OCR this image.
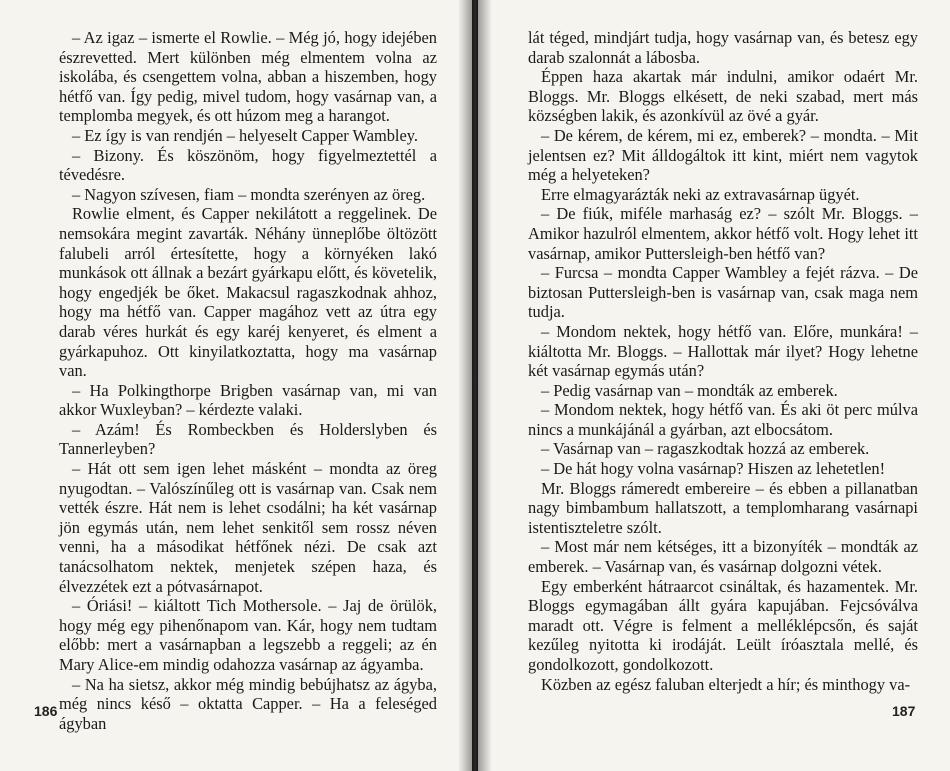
– Az igaz – ismerte el Rowlie. – Még jó, hogy idejében észrevetted. Mert különben még elmentem volna az iskolába, és csengettem volna, abban a hiszemben, hogy hétfő van. Így pedig, mivel tudom, hogy vasárnap van, a templomba megyek, és ott húzom meg a harangot.

– Ez így is van rendjén – helyeselt Capper Wambley.

– Bizony. És köszönöm, hogy figyelmeztettél a tévedésre.

– Nagyon szívesen, fiam – mondta szerényen az öreg.

Rowlie elment, és Capper nekilátott a reggelinek. De nemsokára megint zavarták. Néhány ünneplőbe öltözött falubeli arról értesítette, hogy a környéken lakó munkások ott állnak a bezárt gyárkapu előtt, és követelik, hogy engedjék be őket. Makacsul ragaszkodnak ahhoz, hogy ma hétfő van. Capper magához vett az útra egy darab véres hurkát és egy karéj kenyeret, és elment a gyárkapuhoz. Ott kinyilatkoztatta, hogy ma vasárnap van.

– Ha Polkingthorpe Brigben vasárnap van, mi van akkor Wuxleyban? – kérdezte valaki.

– Azám! És Rombeckben és Holderslyben és Tannerleyben?

– Hát ott sem igen lehet másként – mondta az öreg nyugodtan. – Valószínűleg ott is vasárnap van. Csak nem vették észre. Hát nem is lehet csodálni; ha két vasárnap jön egymás után, nem lehet senkitől sem rossz néven venni, ha a másodikat hétfőnek nézi. De csak azt tanácsolhatom nektek, menjetek szépen haza, és élvezzétek ezt a pótvasárnapot.

– Óriási! – kiáltott Tich Mothersole. – Jaj de örülök, hogy még egy pihenőnapom van. Kár, hogy nem tudtam előbb: mert a vasárnapban a legszebb a reggeli; az én Mary Alice-em mindig odahozza vasárnap az ágyamba.

– Na ha sietsz, akkor még mindig bebújhatsz az ágyba, még nincs késő – oktatta Capper. – Ha a feleséged ágyban

186

lát téged, mindjárt tudja, hogy vasárnap van, és betesz egy darab szalonnát a lábosba.

Éppen haza akartak már indulni, amikor odaért Mr. Bloggs. Mr. Bloggs elkésett, de neki szabad, mert más községben lakik, és azonkívül az övé a gyár.

– De kérem, de kérem, mi ez, emberek? – mondta. – Mit jelentsen ez? Mit álldogáltok itt kint, miért nem vagytok még a helyeteken?

Erre elmagyarázták neki az extravasárnap ügyét.

– De fiúk, miféle marhaság ez? – szólt Mr. Bloggs. – Amikor hazulról elmentem, akkor hétfő volt. Hogy lehet itt vasárnap, amikor Puttersleigh-ben hétfő van?

– Furcsa – mondta Capper Wambley a fejét rázva. – De biztosan Puttersleigh-ben is vasárnap van, csak maga nem tudja.

– Mondom nektek, hogy hétfő van. Előre, munkára! – kiáltotta Mr. Bloggs. – Hallottak már ilyet? Hogy lehetne két vasárnap egymás után?

– Pedig vasárnap van – mondták az emberek.

– Mondom nektek, hogy hétfő van. És aki öt perc múlva nincs a munkájánál a gyárban, azt elbocsátom.

– Vasárnap van – ragaszkodtak hozzá az emberek.

– De hát hogy volna vasárnap? Hiszen az lehetetlen!

Mr. Bloggs rámeredt embereire – és ebben a pillanatban nagy bimbambum hallatszott, a templomharang vasárnapi istentiszteletre szólt.

– Most már nem kétséges, itt a bizonyíték – mondták az emberek. – Vasárnap van, és vasárnap dolgozni vétek.

Egy emberként hátraarcot csináltak, és hazamentek. Mr. Bloggs egymagában állt gyára kapujában. Fejcsóválva maradt ott. Végre is felment a melléklépcsőn, és saját kezűleg nyitotta ki irodáját. Leült íróasztala mellé, és gondolkozott, gondolkozott.

Közben az egész faluban elterjedt a hír; és minthogy va-

187
